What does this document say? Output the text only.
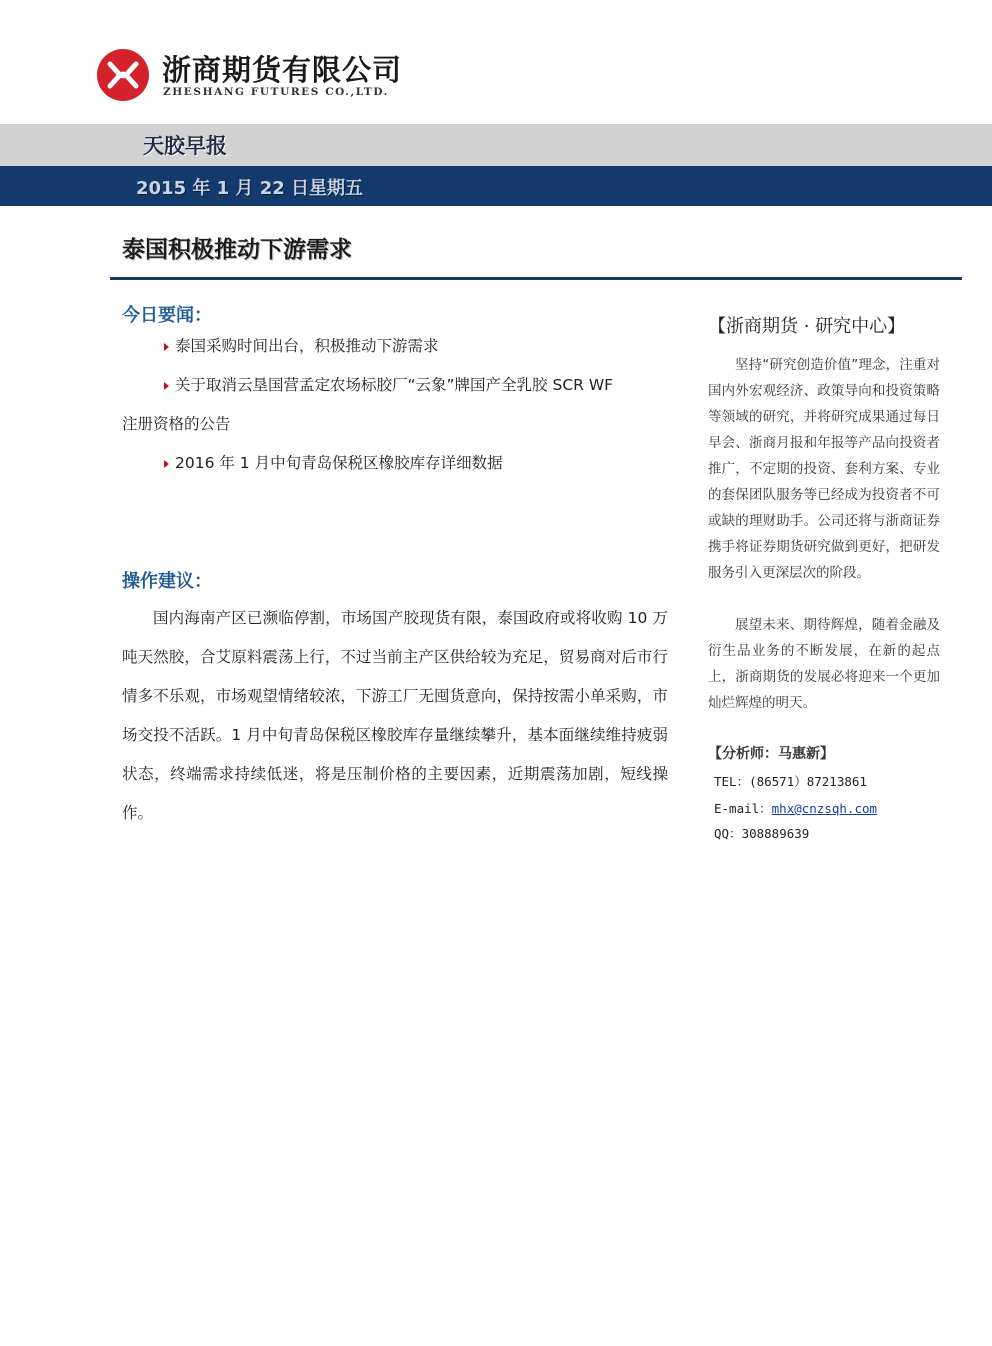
浙商期货有限公司
ZHESHANG FUTURES CO.,LTD.
天胶早报
2015 年 1 月 22 日星期五
泰国积极推动下游需求
今日要闻：
泰国采购时间出台，积极推动下游需求
关于取消云垦国营孟定农场标胶厂“云象”牌国产全乳胶 SCR WF
注册资格的公告
2016 年 1 月中旬青岛保税区橡胶库存详细数据
操作建议：
国内海南产区已濒临停割，市场国产胶现货有限，泰国政府或将收购 10 万吨天然胶，合艾原料震荡上行，不过当前主产区供给较为充足，贸易商对后市行情多不乐观，市场观望情绪较浓，下游工厂无囤货意向，保持按需小单采购，市场交投不活跃。1 月中旬青岛保税区橡胶库存量继续攀升，基本面继续维持疲弱状态，终端需求持续低迷，将是压制价格的主要因素，近期震荡加剧，短线操作。
【浙商期货 · 研究中心】
坚持“研究创造价值”理念，注重对国内外宏观经济、政策导向和投资策略等领域的研究，并将研究成果通过每日早会、浙商月报和年报等产品向投资者推广，不定期的投资、套利方案、专业的套保团队服务等已经成为投资者不可或缺的理财助手。公司还将与浙商证券携手将证券期货研究做到更好，把研发服务引入更深层次的阶段。
展望未来、期待辉煌，随着金融及衍生品业务的不断发展，在新的起点上，浙商期货的发展必将迎来一个更加灿烂辉煌的明天。
【分析师：马惠新】
TEL：(86571）87213861
E-mail：mhx@cnzsqh.com
QQ：308889639
